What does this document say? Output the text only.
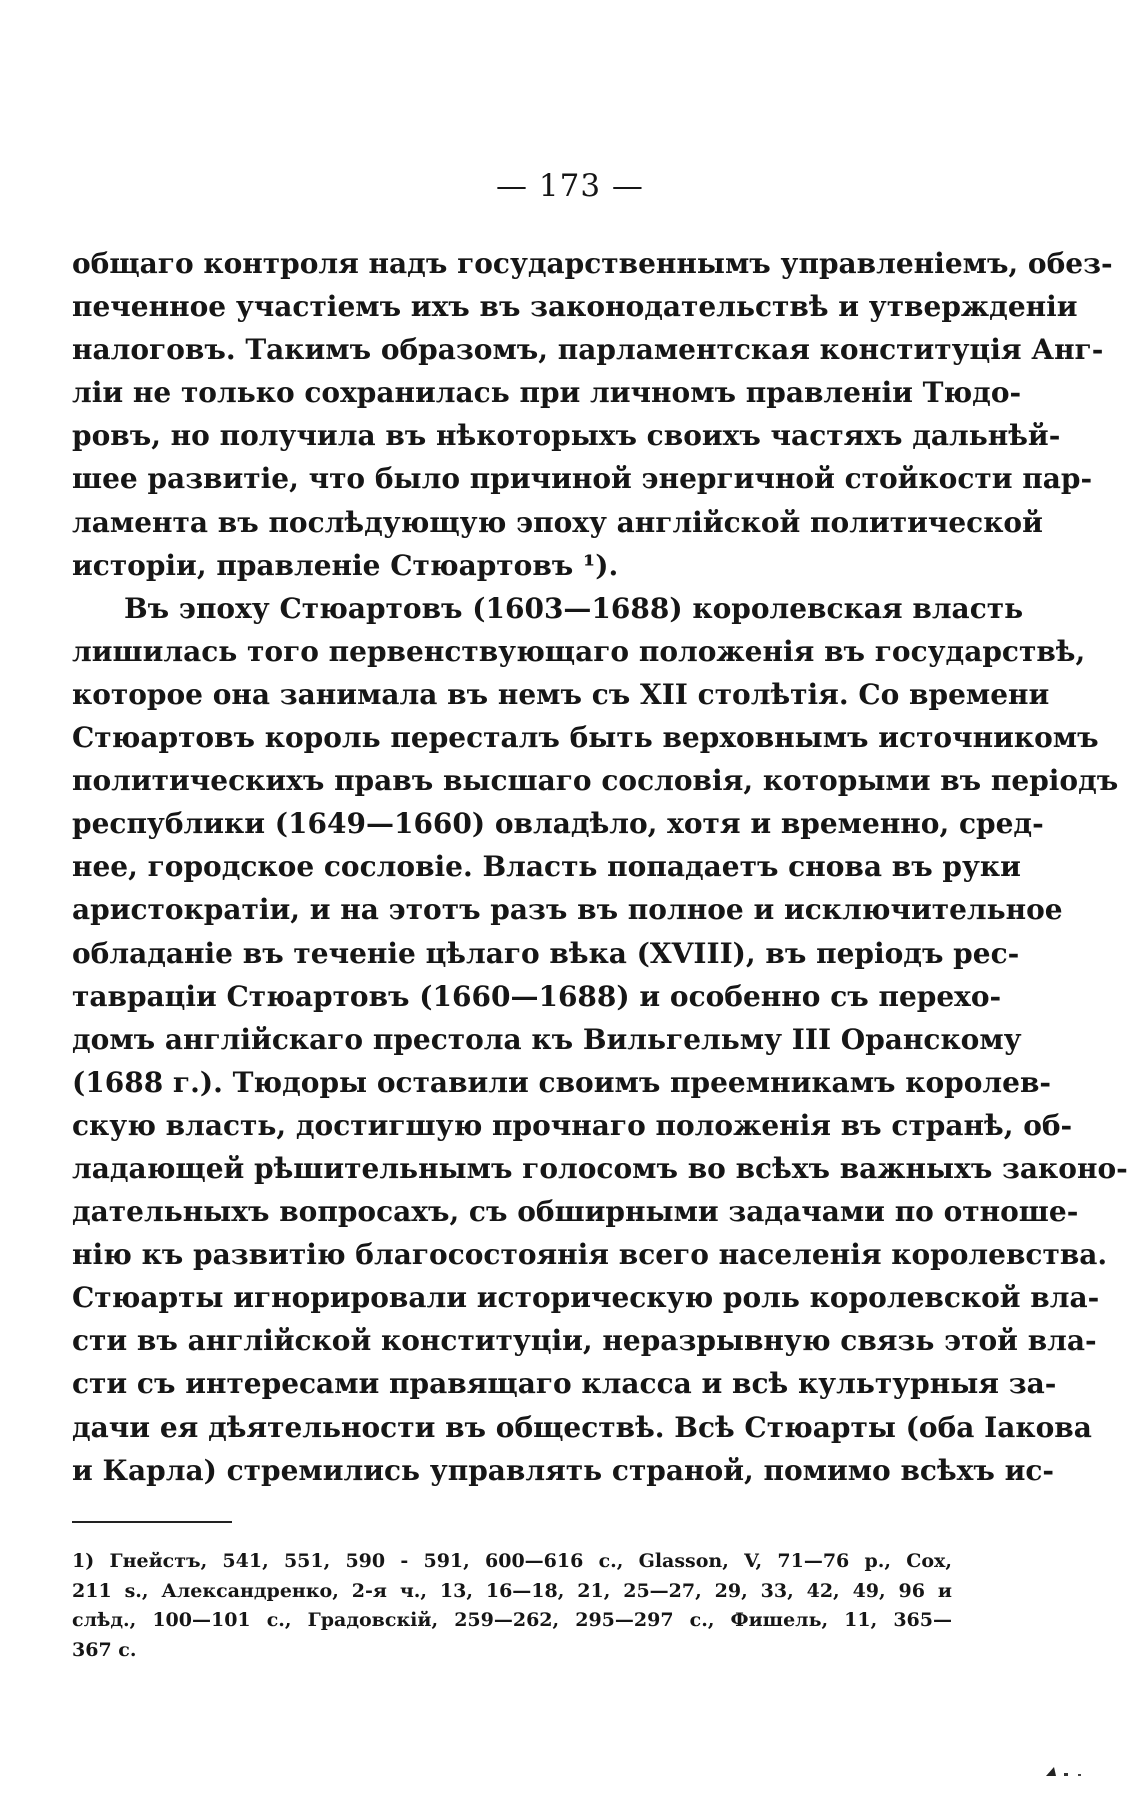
— 173 —
общаго контроля надъ государственнымъ управленіемъ, обез-
печенное участіемъ ихъ въ законодательствѣ и утвержденіи
налоговъ. Такимъ образомъ, парламентская конституція Анг-
ліи не только сохранилась при личномъ правленіи Тюдо-
ровъ, но получила въ нѣкоторыхъ своихъ частяхъ дальнѣй-
шее развитіе, что было причиной энергичной стойкости пар-
ламента въ послѣдующую эпоху англійской политической
исторіи, правленіе Стюартовъ ¹).
Въ эпоху Стюартовъ (1603—1688) королевская власть
лишилась того первенствующаго положенія въ государствѣ,
которое она занимала въ немъ съ XII столѣтія. Со времени
Стюартовъ король пересталъ быть верховнымъ источникомъ
политическихъ правъ высшаго сословія, которыми въ періодъ
республики (1649—1660) овладѣло, хотя и временно, сред-
нее, городское сословіе. Власть попадаетъ снова въ руки
аристократіи, и на этотъ разъ въ полное и исключительное
обладаніе въ теченіе цѣлаго вѣка (XVIII), въ періодъ рес-
тавраціи Стюартовъ (1660—1688) и особенно съ перехо-
домъ англійскаго престола къ Вильгельму III Оранскому
(1688 г.). Тюдоры оставили своимъ преемникамъ королев-
скую власть, достигшую прочнаго положенія въ странѣ, об-
ладающей рѣшительнымъ голосомъ во всѣхъ важныхъ законо-
дательныхъ вопросахъ, съ обширными задачами по отноше-
нію къ развитію благосостоянія всего населенія королевства.
Стюарты игнорировали историческую роль королевской вла-
сти въ англійской конституціи, неразрывную связь этой вла-
сти съ интересами правящаго класса и всѣ культурныя за-
дачи ея дѣятельности въ обществѣ. Всѣ Стюарты (оба Іакова
и Карла) стремились управлять страной, помимо всѣхъ ис-
1) Гнейстъ, 541, 551, 590 - 591, 600—616 с., Glasson, V, 71—76 р., Cox,
211 s., Александренко, 2-я ч., 13, 16—18, 21, 25—27, 29, 33, 42, 49, 96 и
слѣд., 100—101 с., Градовскій, 259—262, 295—297 с., Фишель, 11, 365—
367 с.
